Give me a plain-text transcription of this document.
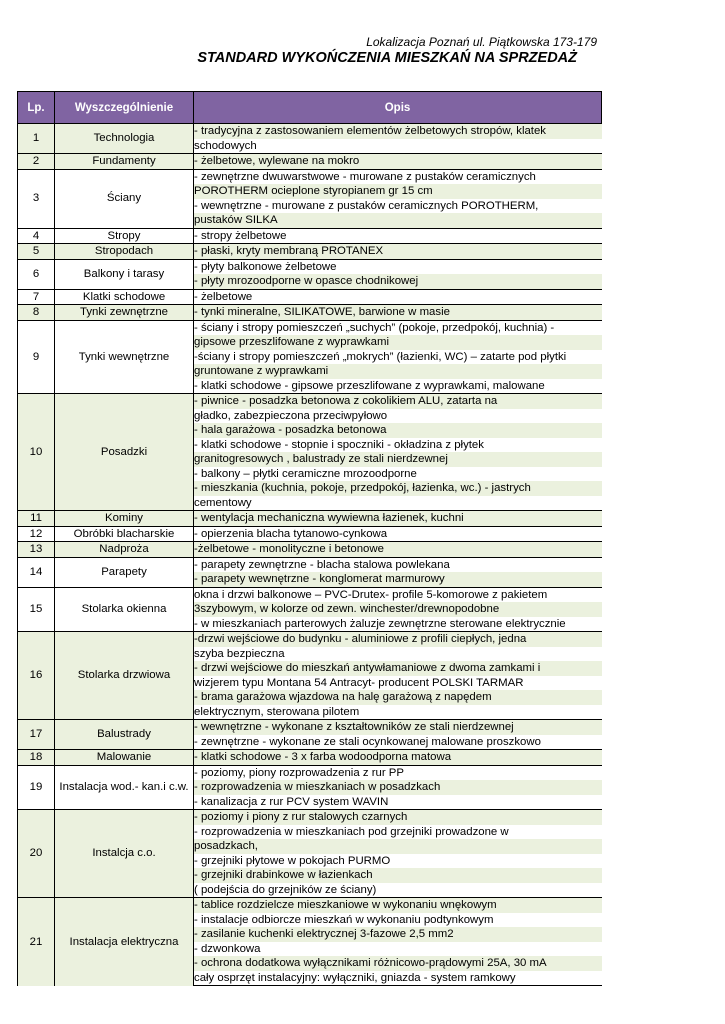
Lokalizacja Poznań ul. Piątkowska 173-179
STANDARD WYKOŃCZENIA MIESZKAŃ NA SPRZEDAŻ
Lp.	Wyszczególnienie	Opis
1	Technologia	- tradycyjna z zastosowaniem elementów żelbetowych stropów, klatek
		schodowych
2	Fundamenty	- żelbetowe, wylewane na mokro
3	Ściany	- zewnętrzne dwuwarstwowe - murowane z pustaków ceramicznych
		POROTHERM ocieplone styropianem gr 15 cm
		- wewnętrzne - murowane z pustaków ceramicznych POROTHERM,
		pustaków SILKA
4	Stropy	- stropy żelbetowe
5	Stropodach	- płaski, kryty membraną PROTANEX
6	Balkony i tarasy	- płyty balkonowe żelbetowe
		- płyty mrozoodporne w opasce chodnikowej
7	Klatki schodowe	- żelbetowe
8	Tynki zewnętrzne	- tynki mineralne, SILIKATOWE, barwione w masie
9	Tynki wewnętrzne	- ściany i stropy pomieszczeń „suchych” (pokoje, przedpokój, kuchnia) -
		gipsowe przeszlifowane z wyprawkami
		-ściany i stropy pomieszczeń „mokrych” (łazienki, WC) – zatarte pod płytki
		gruntowane z wyprawkami
		- klatki schodowe - gipsowe przeszlifowane z wyprawkami, malowane
10	Posadzki	- piwnice - posadzka betonowa z cokolikiem ALU, zatarta na
		gładko, zabezpieczona przeciwpyłowo
		- hala garażowa - posadzka betonowa
		- klatki schodowe - stopnie i spoczniki - okładzina z płytek
		granitogresowych , balustrady ze stali nierdzewnej
		- balkony – płytki ceramiczne mrozoodporne
		- mieszkania (kuchnia, pokoje, przedpokój, łazienka, wc.) - jastrych
		cementowy
11	Kominy	- wentylacja mechaniczna wywiewna łazienek, kuchni
12	Obróbki blacharskie	- opierzenia blacha tytanowo-cynkowa
13	Nadproża	-żelbetowe - monolityczne i betonowe
14	Parapety	- parapety zewnętrzne - blacha stalowa powlekana
		- parapety wewnętrzne - konglomerat marmurowy
15	Stolarka okienna	okna i drzwi balkonowe – PVC-Drutex- profile 5-komorowe z pakietem
		3szybowym, w kolorze od zewn. winchester/drewnopodobne
		- w mieszkaniach parterowych żaluzje zewnętrzne sterowane elektrycznie
16	Stolarka drzwiowa	-drzwi wejściowe do budynku - aluminiowe z profili ciepłych, jedna
		szyba bezpieczna
		- drzwi wejściowe do mieszkań antywłamaniowe z dwoma zamkami i
		wizjerem typu Montana 54 Antracyt- producent POLSKI TARMAR
		- brama garażowa wjazdowa na halę garażową z napędem
		elektrycznym, sterowana pilotem
17	Balustrady	- wewnętrzne - wykonane z kształtowników ze stali nierdzewnej
		- zewnętrzne - wykonane ze stali ocynkowanej malowane proszkowo
18	Malowanie	- klatki schodowe - 3 x farba wodoodporna matowa
19	Instalacja wod.- kan.i c.w.	- poziomy, piony rozprowadzenia z rur PP
		- rozprowadzenia w mieszkaniach w posadzkach
		- kanalizacja z rur PCV system WAVIN
20	Instalcja c.o.	- poziomy i piony z rur stalowych czarnych
		- rozprowadzenia w mieszkaniach pod grzejniki prowadzone w
		posadzkach,
		- grzejniki płytowe w pokojach PURMO
		- grzejniki drabinkowe w łazienkach
		( podejścia do grzejników ze ściany)
21	Instalacja elektryczna	- tablice rozdzielcze mieszkaniowe w wykonaniu wnękowym
		- instalacje odbiorcze mieszkań w wykonaniu podtynkowym
		- zasilanie kuchenki elektrycznej 3-fazowe 2,5 mm2
		- dzwonkowa
		- ochrona dodatkowa wyłącznikami różnicowo-prądowymi 25A, 30 mA
		cały osprzęt instalacyjny: wyłączniki, gniazda - system ramkowy
